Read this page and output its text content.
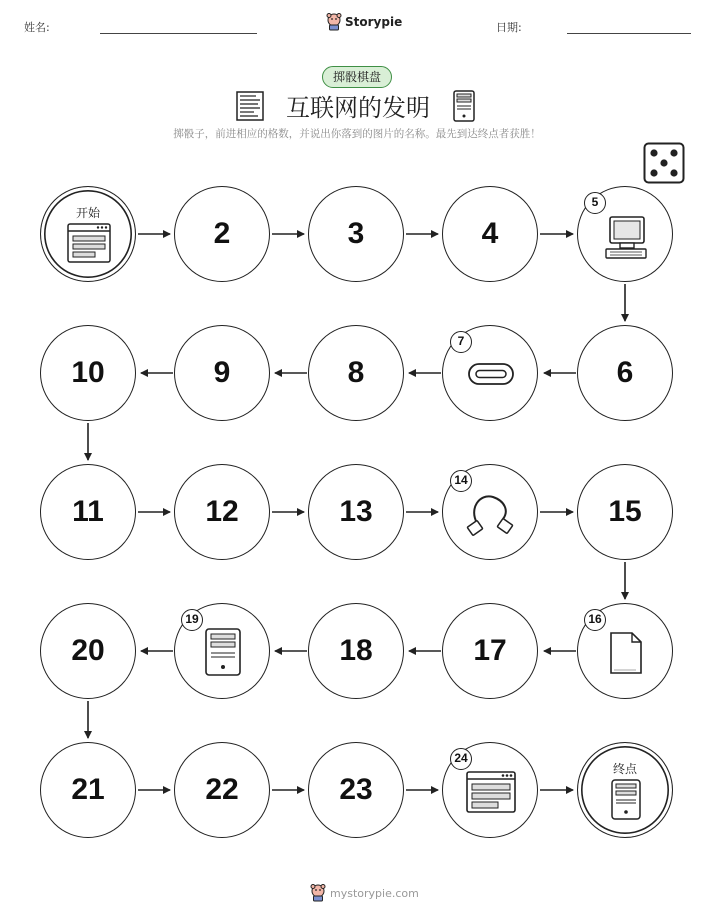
姓名:	Storypie	日期:
掷骰棋盘
互联网的发明
掷骰子，前进相应的格数，并说出你落到的图片的名称。最先到达终点者获胜！
开始
2	3	4
5
10	9	8
7
6
11	12	13
14
15
20
19
18	17
16
21	22	23
24
终点
mystorypie.com
